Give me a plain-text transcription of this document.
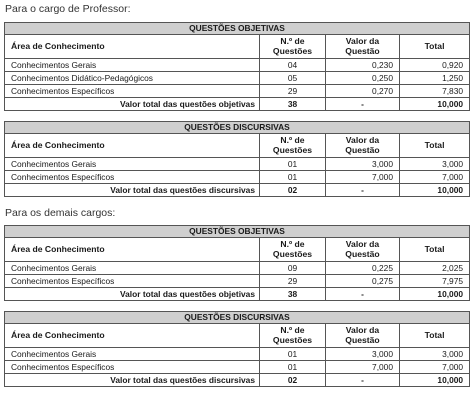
Para o cargo de Professor:
QUESTÕES OBJETIVAS			
Área de Conhecimento	N.º de Questões	Valor da Questão	Total
Conhecimentos Gerais	04	0,230	0,920
Conhecimentos Didático-Pedagógicos	05	0,250	1,250
Conhecimentos Específicos	29	0,270	7,830
Valor total das questões objetivas	38	-	10,000
QUESTÕES DISCURSIVAS			
Área de Conhecimento	N.º de Questões	Valor da Questão	Total
Conhecimentos Gerais	01	3,000	3,000
Conhecimentos Específicos	01	7,000	7,000
Valor total das questões discursivas	02	-	10,000
Para os demais cargos:
QUESTÕES OBJETIVAS			
Área de Conhecimento	N.º de Questões	Valor da Questão	Total
Conhecimentos Gerais	09	0,225	2,025
Conhecimentos Específicos	29	0,275	7,975
Valor total das questões objetivas	38	-	10,000
QUESTÕES DISCURSIVAS			
Área de Conhecimento	N.º de Questões	Valor da Questão	Total
Conhecimentos Gerais	01	3,000	3,000
Conhecimentos Específicos	01	7,000	7,000
Valor total das questões discursivas	02	-	10,000
